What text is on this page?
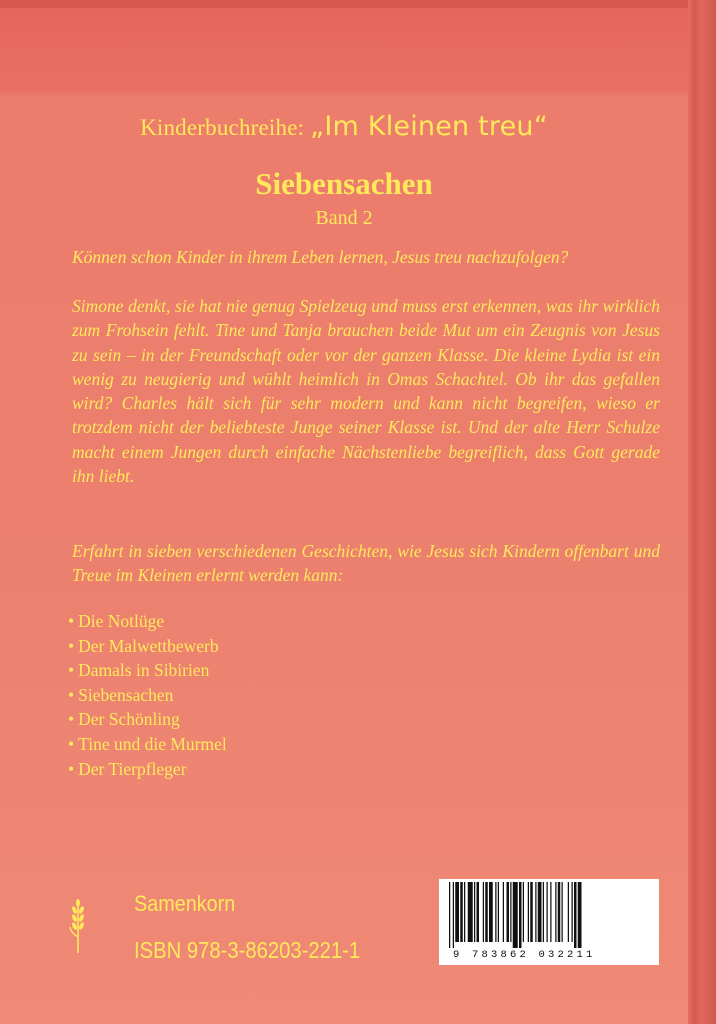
Kinderbuchreihe: „Im Kleinen treu“
Siebensachen
Band 2
Können schon Kinder in ihrem Leben lernen, Jesus treu nachzufolgen?
Simone denkt, sie hat nie genug Spielzeug und muss erst erkennen, was ihr wirklich zum Frohsein fehlt. Tine und Tanja brauchen beide Mut um ein Zeugnis von Jesus zu sein – in der Freundschaft oder vor der ganzen Klasse. Die kleine Lydia ist ein wenig zu neugierig und wühlt heimlich in Omas Schachtel. Ob ihr das gefallen wird? Charles hält sich für sehr modern und kann nicht begreifen, wieso er trotzdem nicht der beliebteste Junge seiner Klasse ist. Und der alte Herr Schulze macht einem Jungen durch einfache Nächstenliebe begreiflich, dass Gott gerade ihn liebt.
Erfahrt in sieben verschiedenen Geschichten, wie Jesus sich Kindern offenbart und Treue im Kleinen erlernt werden kann:
• Die Notlüge
• Der Malwettbewerb
• Damals in Sibirien
• Siebensachen
• Der Schönling
• Tine und die Murmel
• Der Tierpfleger
Samenkorn
ISBN 978-3-86203-221-1	9 783862 032211
